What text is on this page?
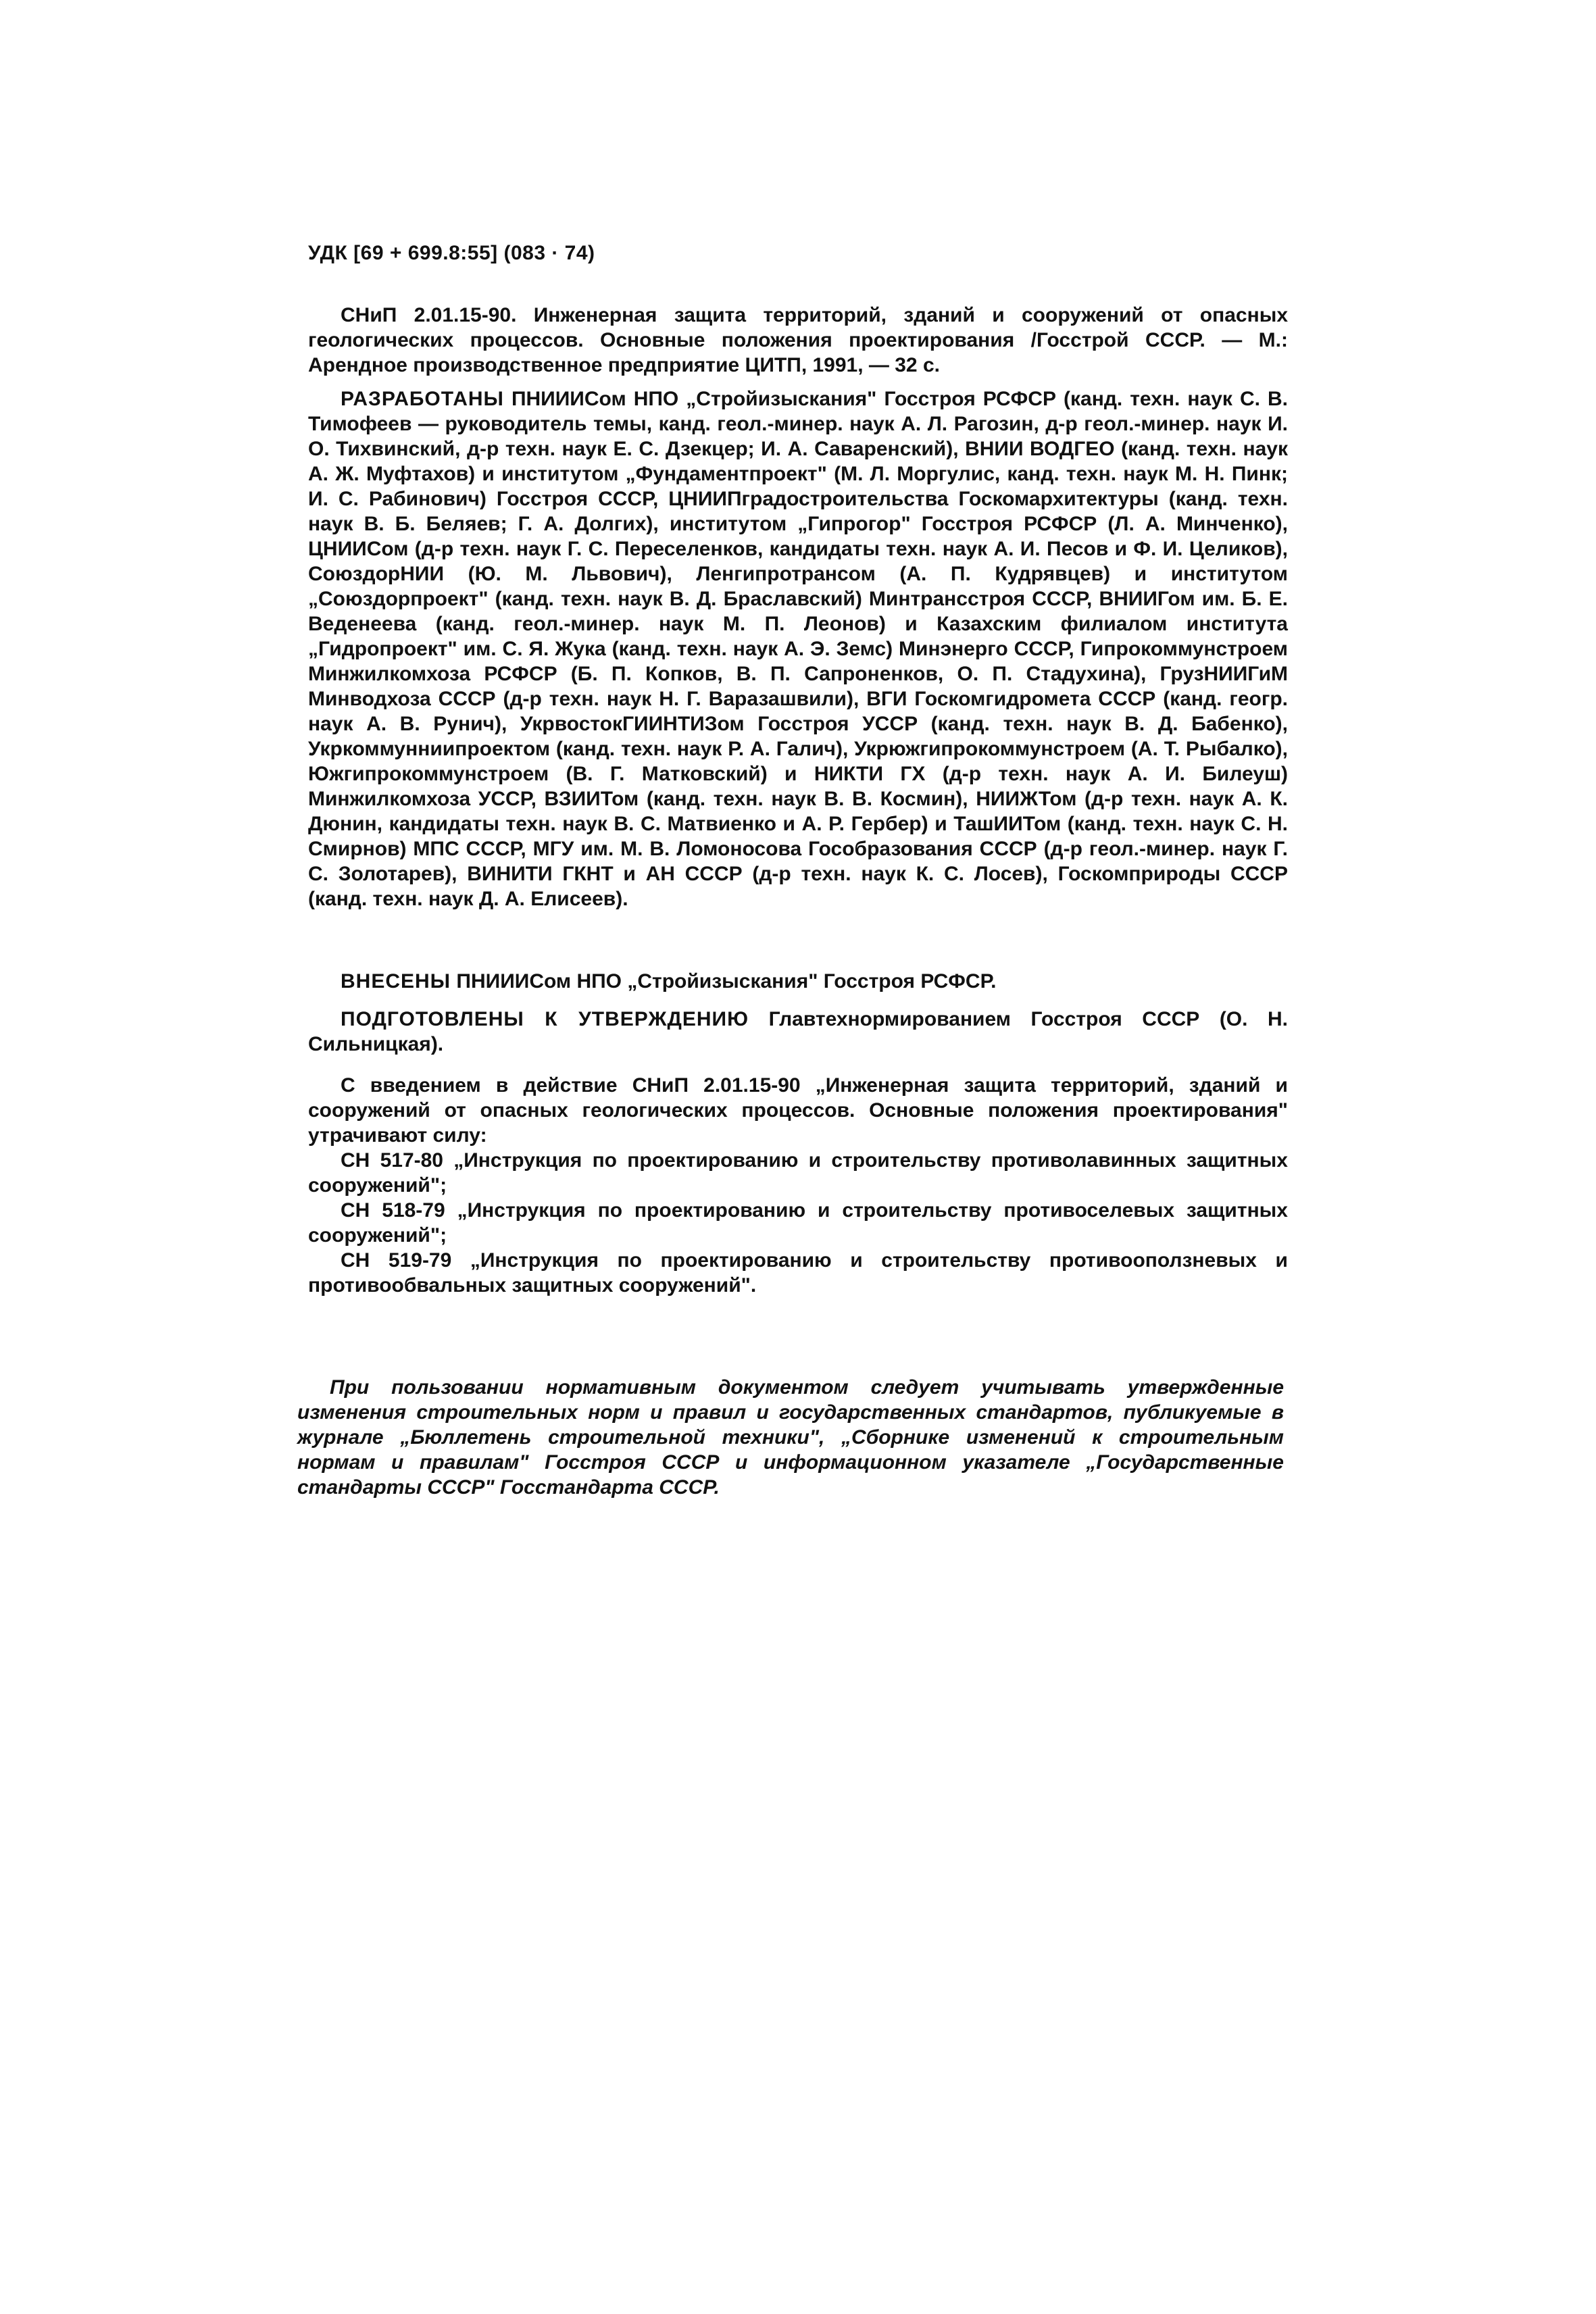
УДК [69 + 699.8:55] (083 · 74)

СНиП 2.01.15-90. Инженерная защита территорий, зданий и сооружений от опасных геологических процессов. Основные положения проектирования /Госстрой СССР. — М.: Арендное производственное предприятие ЦИТП, 1991, — 32 с.

РАЗРАБОТАНЫ ПНИИИСом НПО „Стройизыскания" Госстроя РСФСР (канд. техн. наук С. В. Тимофеев — руководитель темы, канд. геол.-минер. наук А. Л. Рагозин, д-р геол.-минер. наук И. О. Тихвинский, д-р техн. наук Е. С. Дзекцер; И. А. Саваренский), ВНИИ ВОДГЕО (канд. техн. наук А. Ж. Муфтахов) и институтом „Фундаментпроект" (М. Л. Моргулис, канд. техн. наук М. Н. Пинк; И. С. Рабинович) Госстроя СССР, ЦНИИПградостроительства Госкомархитектуры (канд. техн. наук В. Б. Беляев; Г. А. Долгих), институтом „Гипрогор" Госстроя РСФСР (Л. А. Минченко), ЦНИИСом (д-р техн. наук Г. С. Переселенков, кандидаты техн. наук А. И. Песов и Ф. И. Целиков), СоюздорНИИ (Ю. М. Львович), Ленгипротрансом (А. П. Кудрявцев) и институтом „Союздорпроект" (канд. техн. наук В. Д. Браславский) Минтрансстроя СССР, ВНИИГом им. Б. Е. Веденеева (канд. геол.-минер. наук М. П. Леонов) и Казахским филиалом института „Гидропроект" им. С. Я. Жука (канд. техн. наук А. Э. Земс) Минэнерго СССР, Гипрокоммунстроем Минжилкомхоза РСФСР (Б. П. Копков, В. П. Сапроненков, О. П. Стадухина), ГрузНИИГиМ Минводхоза СССР (д-р техн. наук Н. Г. Варазашвили), ВГИ Госкомгидромета СССР (канд. геогр. наук А. В. Рунич), УкрвостокГИИНТИЗом Госстроя УССР (канд. техн. наук В. Д. Бабенко), Укркоммунниипроектом (канд. техн. наук Р. А. Галич), Укрюжгипрокоммунстроем (А. Т. Рыбалко), Южгипрокоммунстроем (В. Г. Матковский) и НИКТИ ГХ (д-р техн. наук А. И. Билеуш) Минжилкомхоза УССР, ВЗИИТом (канд. техн. наук В. В. Космин), НИИЖТом (д-р техн. наук А. К. Дюнин, кандидаты техн. наук В. С. Матвиенко и А. Р. Гербер) и ТашИИТом (канд. техн. наук С. Н. Смирнов) МПС СССР, МГУ им. М. В. Ломоносова Гособразования СССР (д-р геол.-минер. наук Г. С. Золотарев), ВИНИТИ ГКНТ и АН СССР (д-р техн. наук К. С. Лосев), Госкомприроды СССР (канд. техн. наук Д. А. Елисеев).

ВНЕСЕНЫ ПНИИИСом НПО „Стройизыскания" Госстроя РСФСР.

ПОДГОТОВЛЕНЫ К УТВЕРЖДЕНИЮ Главтехнормированием Госстроя СССР (О. Н. Сильницкая).

С введением в действие СНиП 2.01.15-90 „Инженерная защита территорий, зданий и сооружений от опасных геологических процессов. Основные положения проектирования" утрачивают силу:

СН 517-80 „Инструкция по проектированию и строительству противолавинных защитных сооружений";

СН 518-79 „Инструкция по проектированию и строительству противоселевых защитных сооружений";

СН 519-79 „Инструкция по проектированию и строительству противооползневых и противообвальных защитных сооружений".

При пользовании нормативным документом следует учитывать утвержденные изменения строительных норм и правил и государственных стандартов, публикуемые в журнале „Бюллетень строительной техники", „Сборнике изменений к строительным нормам и правилам" Госстроя СССР и информационном указателе „Государственные стандарты СССР" Госстандарта СССР.
